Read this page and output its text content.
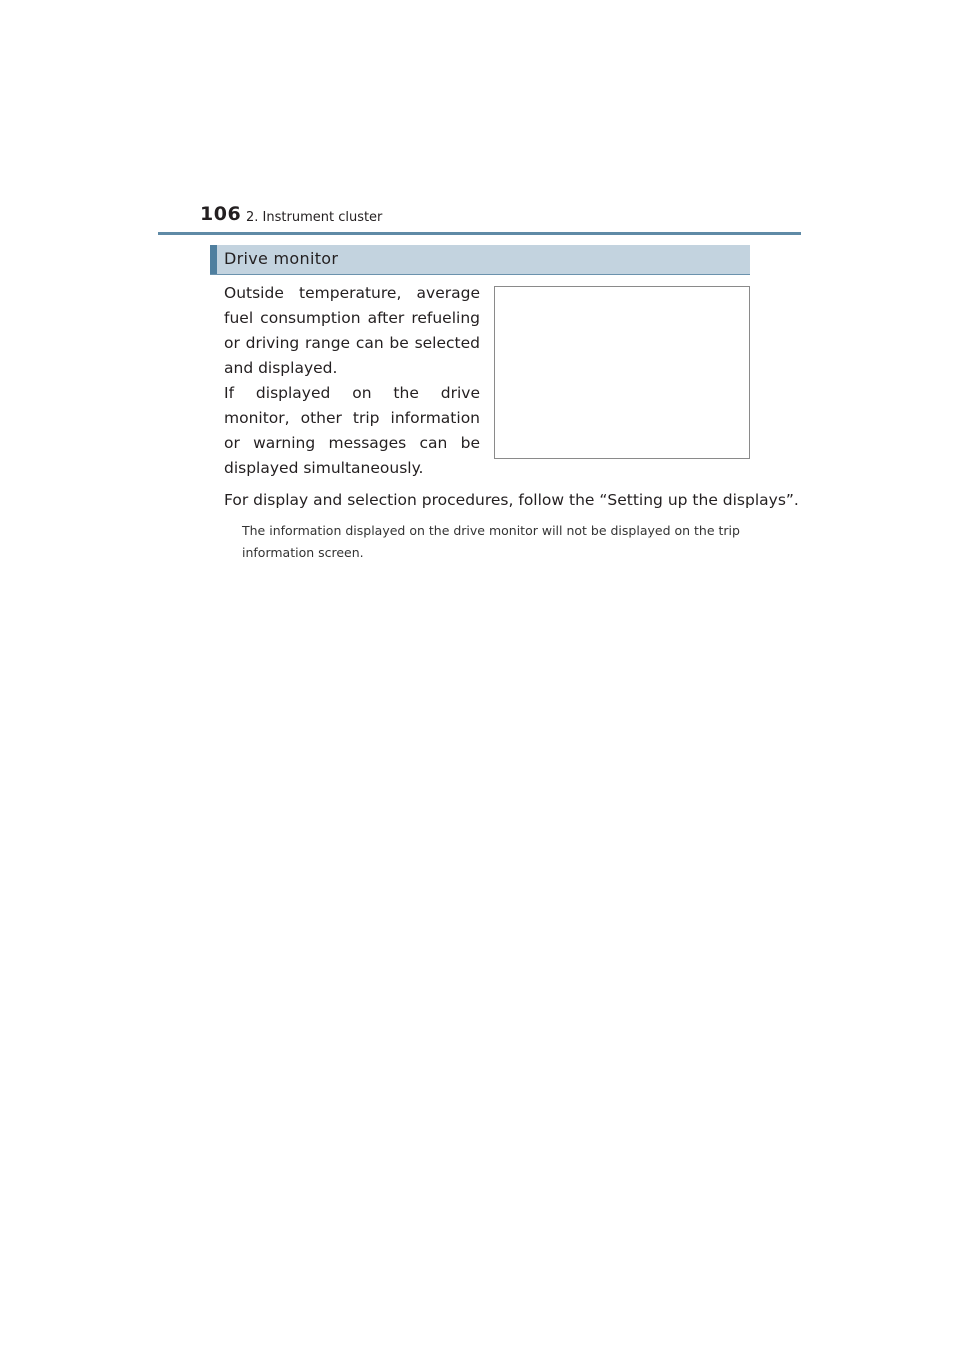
106 2. Instrument cluster
Drive monitor

Outside temperature, average fuel consumption after refueling or driving range can be selected and displayed.

If displayed on the drive monitor, other trip information or warning messages can be displayed simultaneously.

For display and selection procedures, follow the “Setting up the displays”.
The information displayed on the drive monitor will not be displayed on the trip information screen.
